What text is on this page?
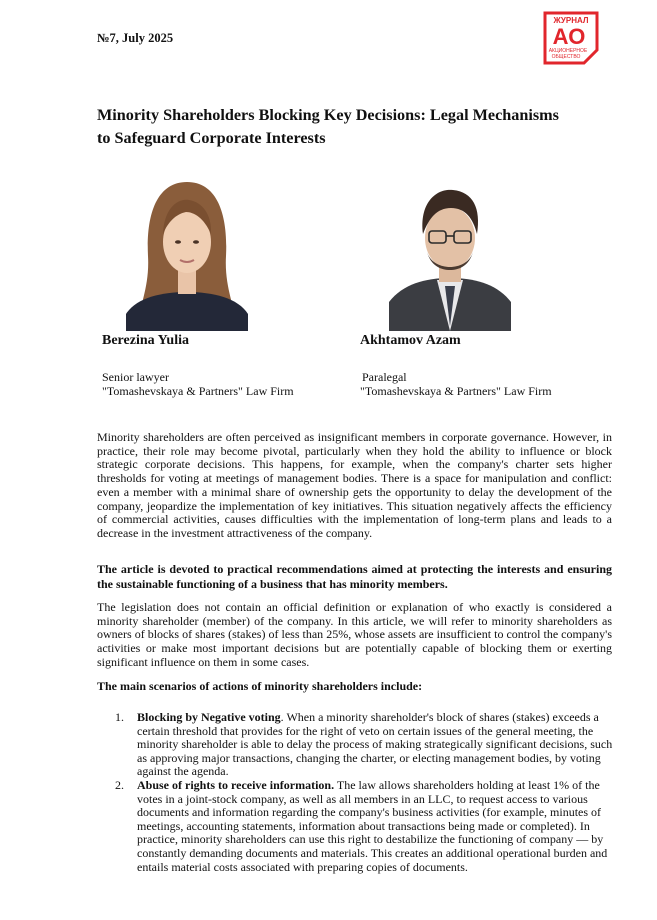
№7, July 2025
ЖУРНАЛ
АО
АКЦИОНЕРНОЕ
ОБЩЕСТВО
Minority Shareholders Blocking Key Decisions: Legal Mechanisms to Safeguard Corporate Interests
Berezina Yulia	Akhtamov Azam
Senior lawyer
"Tomashevskaya & Partners" Law Firm
Paralegal
"Tomashevskaya & Partners" Law Firm

Minority shareholders are often perceived as insignificant members in corporate governance. However, in practice, their role may become pivotal, particularly when they hold the ability to influence or block strategic corporate decisions. This happens, for example, when the company's charter sets higher thresholds for voting at meetings of management bodies. There is a space for manipulation and conflict: even a member with a minimal share of ownership gets the opportunity to delay the development of the company, jeopardize the implementation of key initiatives. This situation negatively affects the efficiency of commercial activities, causes difficulties with the implementation of long-term plans and leads to a decrease in the investment attractiveness of the company.

The article is devoted to practical recommendations aimed at protecting the interests and ensuring the sustainable functioning of a business that has minority members.

The legislation does not contain an official definition or explanation of who exactly is considered a minority shareholder (member) of the company. In this article, we will refer to minority shareholders as owners of blocks of shares (stakes) of less than 25%, whose assets are insufficient to control the company's activities or make most important decisions but are potentially capable of blocking them or exerting significant influence on them in some cases.

The main scenarios of actions of minority shareholders include:

1. Blocking by Negative voting. When a minority shareholder's block of shares (stakes) exceeds a certain threshold that provides for the right of veto on certain issues of the general meeting, the minority shareholder is able to delay the process of making strategically significant decisions, such as approving major transactions, changing the charter, or electing management bodies, by voting against the agenda.
2. Abuse of rights to receive information. The law allows shareholders holding at least 1% of the votes in a joint-stock company, as well as all members in an LLC, to request access to various documents and information regarding the company's business activities (for example, minutes of meetings, accounting statements, information about transactions being made or completed). In practice, minority shareholders can use this right to destabilize the functioning of company — by constantly demanding documents and materials. This creates an additional operational burden and entails material costs associated with preparing copies of documents.
